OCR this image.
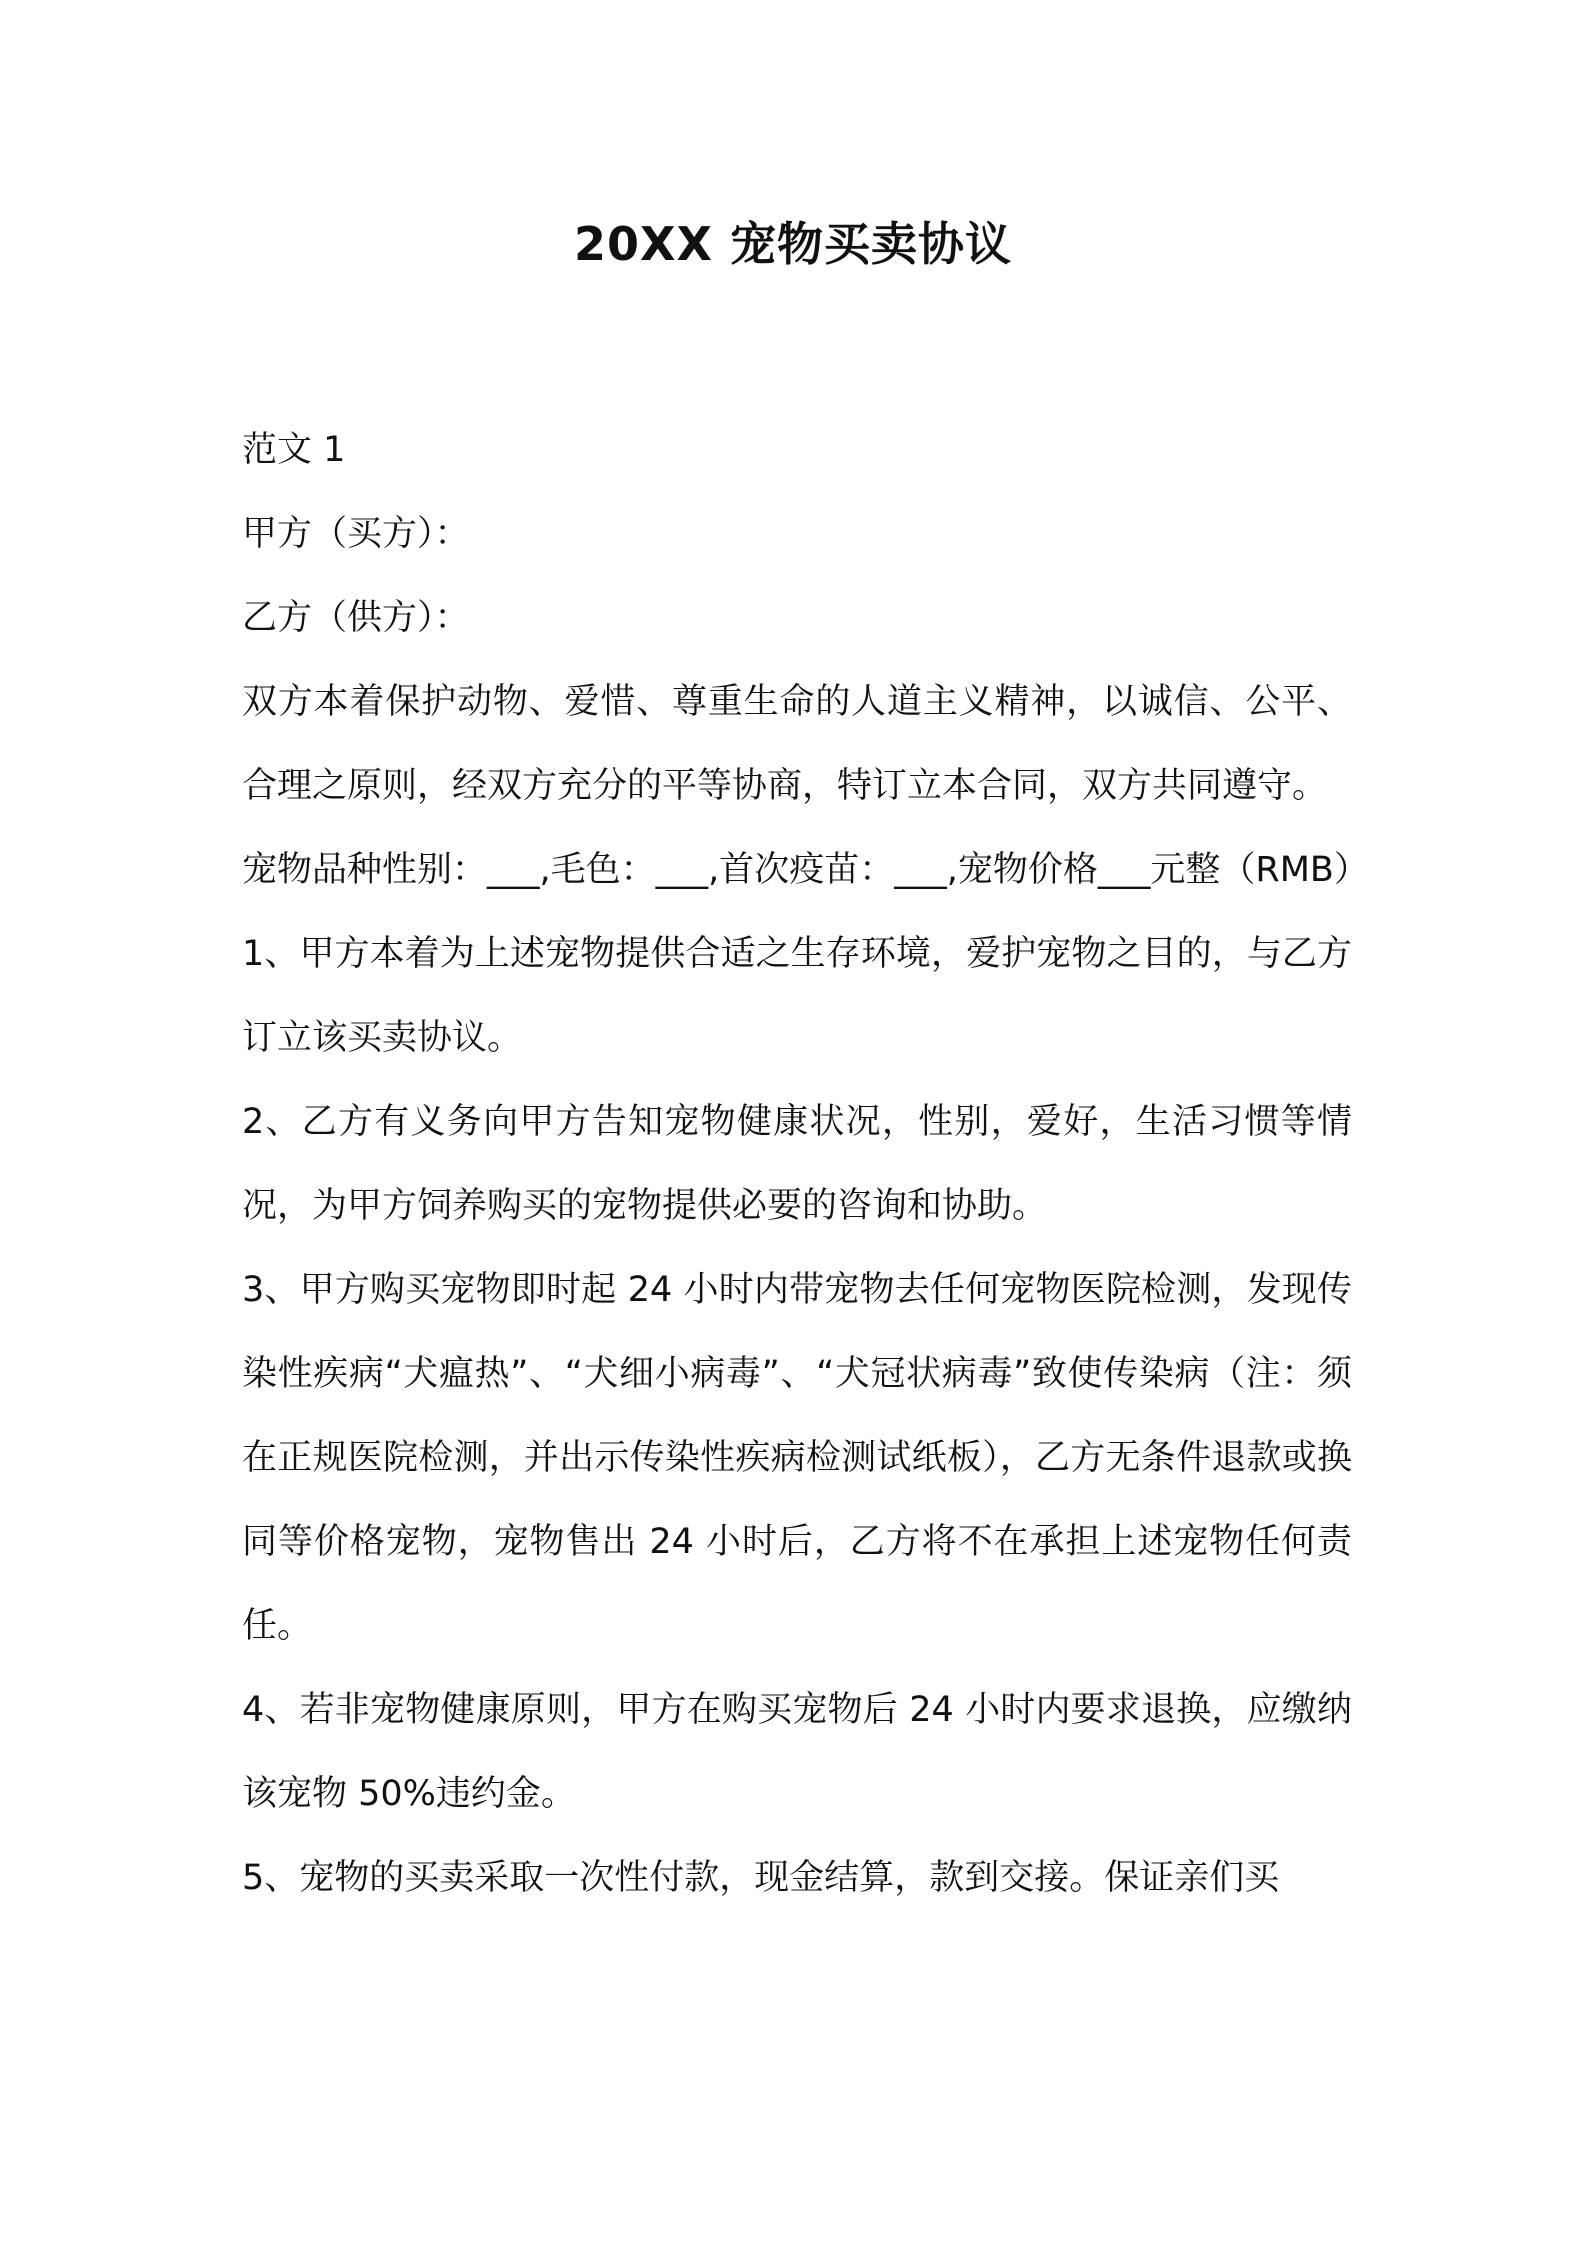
20XX 宠物买卖协议

范文 1

甲方（买方）：

乙方（供方）：

双方本着保护动物、爱惜、尊重生命的人道主义精神，以诚信、公平、合理之原则，经双方充分的平等协商，特订立本合同，双方共同遵守。

宠物品种性别：___,毛色：___,首次疫苗：___,宠物价格___元整（RMB）

1、甲方本着为上述宠物提供合适之生存环境，爱护宠物之目的，与乙方订立该买卖协议。

2、乙方有义务向甲方告知宠物健康状况，性别，爱好，生活习惯等情况，为甲方饲养购买的宠物提供必要的咨询和协助。

3、甲方购买宠物即时起 24 小时内带宠物去任何宠物医院检测，发现传染性疾病“犬瘟热”、“犬细小病毒”、“犬冠状病毒”致使传染病（注：须在正规医院检测，并出示传染性疾病检测试纸板），乙方无条件退款或换同等价格宠物，宠物售出 24 小时后，乙方将不在承担上述宠物任何责任。

4、若非宠物健康原则，甲方在购买宠物后 24 小时内要求退换，应缴纳该宠物 50%违约金。

5、宠物的买卖采取一次性付款，现金结算，款到交接。保证亲们买
